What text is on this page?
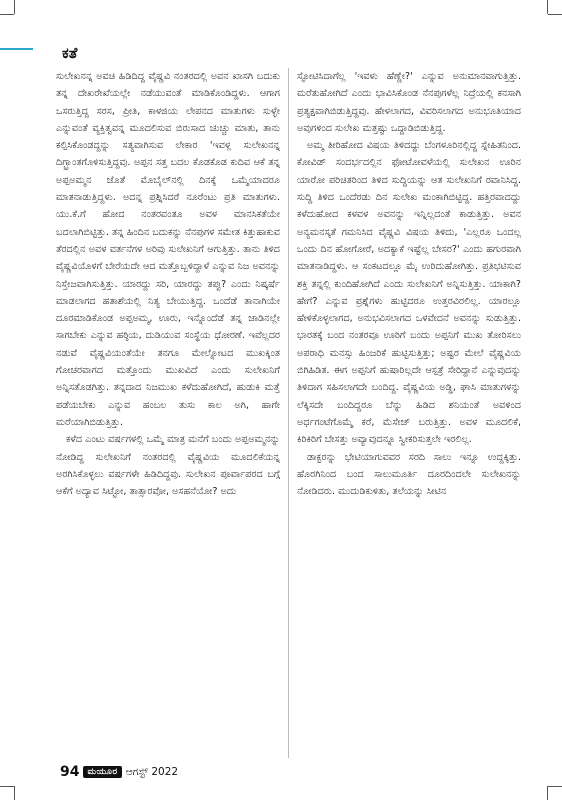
ಕತೆ

ಸುಲೇಖನನ್ನ ಅವಚಿ ಹಿಡಿದಿದ್ದ ವೈಷ್ಣವಿ ನಂತರದಲ್ಲಿ ಅವನ ಖಾಸಗಿ ಬದುಕು ತನ್ನ ದೇಖರೇಖೆಯಲ್ಲೇ ನಡೆಯುವಂತೆ ಮಾಡಿಕೊಂಡಿದ್ದಳು. ಆಗಾಗ ಒಸರುತ್ತಿದ್ದ ಸರಸ, ಪ್ರೀತಿ, ಕಾಳಜಿಯ ಲೇಪನದ ಮಾತುಗಳು ಸುಳ್ಳೇ ಎನ್ನುವಂತೆ ವ್ಯಕ್ತಿತ್ವವನ್ನ ಮೂದಲಿಸುವ ಬಿರುಸಾದ ಚುಚ್ಚು ಮಾತು, ತಾನು ಕಲ್ಪಿಸಿಕೊಂಡದ್ದನ್ನು ಸತ್ಯವಾಗಿಸುವ ಲೇಕಾರ 'ಇವಳ್ಲ ಸುಲೇಖನನ್ನ ದಿಗ್ಭ್ರಾಂತಗೊಳಿಸುತ್ತಿದ್ದವು. ಅಪ್ಪನ ಸತ್ತ ಬದಲ ಕೊಡಕೊಡ ಕುದಿವ ಆಕೆ ತನ್ನ ಅಪ್ಪಅಮ್ಮನ ಜೊತೆ ಮೊಬೈಲ್‌ನಲ್ಲಿ ದಿನಕ್ಕೆ ಒಮ್ಮೆಯಾದರೂ ಮಾತನಾಡುತ್ತಿದ್ದಳು. ಅದನ್ನ ಪ್ರಶ್ನಿಸಿದರೆ ನೂರೆಂಟು ಪ್ರತಿ ಮಾತುಗಳು. ಯು.ಕೆ.ಗೆ ಹೋದ ನಂತರವಂತೂ ಅವಳ ಮಾನಸಿಕತೆಯೇ ಬದಲಾಗಿಬಿಟ್ಟಿತ್ತು. ತನ್ನ ಹಿಂದಿನ ಬದುಕನ್ನು ನೆನಪುಗಳ ಸಮೇತ ಕಿತ್ತುಹಾಕುವ ತೆರದಲ್ಲಿನ ಅವಳ ವರ್ತನೆಗಳ ಅರಿವು ಸುಲೇಖನಿಗೆ ಆಗುತ್ತಿತ್ತು. ತಾನು ತಿಳಿದ ವೈಷ್ಣವಿಯೊಳಗೆ ಬೇರೆಯದೇ ಆದ ಮತ್ತೊಬ್ಬಳಿದ್ದಾಳೆ ಎನ್ನುವ ನಿಜ ಅವನನ್ನು ನಿಸ್ತೇಜವಾಗಿಸುತ್ತಿತ್ತು. ಯಾರದ್ದು ಸರಿ, ಯಾರದ್ದು ತಪ್ಪು? ಎಂದು ನಿಷ್ಕರ್ಷೆ ಮಾಡಲಾಗದ ಹತಾಶೆಯಲ್ಲಿ ನಿತ್ಯ ಬೇಯುತ್ತಿದ್ದ. ಒಂದೆಡೆ ತಾನಾಗಿಯೇ ದೂರಮಾಡಿಕೊಂಡ ಅಪ್ಪಅಮ್ಮ, ಊರು, ಇನ್ನೊಂದೆಡೆ ತನ್ನ ಜಾಡಿನಲ್ಲೇ ಸಾಗಬೇಕು ಎನ್ನುವ ಹಠ್ಠಿಯ, ದುಡಿಯುವ ಸಂಸ್ಥೆಯ ಧೋರಣೆ. ಇವೆಲ್ಲದರ ನಡುವೆ ವೈಷ್ಣವಿಯಂತೆಯೇ ತನಗೂ ಮೇಲ್ನೋಟದ ಮುಖಕ್ಕಿಂತ ಗೋಚರವಾಗದ ಮತ್ತೊಂದು ಮುಖವಿದೆ ಎಂದು ಸುಲೇಖನಿಗೆ ಅನ್ನಿಸತೊಡಗಿತ್ತು. ತನ್ನದಾದ ನಿಜಮುಖ ಕಳೆದುಹೋಗಿದೆ, ಹುಡುಕಿ ಮತ್ತೆ ಪಡೆಯಬೇಕು ಎನ್ನುವ ಹಂಬಲ ತುಸು ಕಾಲ ಅಗಿ, ಹಾಗೇ ಮರೆಯಾಗಿಬಿಡುತ್ತಿತ್ತು.

ಕಳೆದ ಎಂಟು ವರ್ಷಗಳಲ್ಲಿ ಒಮ್ಮೆ ಮಾತ್ರ ಮನೆಗೆ ಬಂದು ಅಪ್ಪಅಮ್ಮನನ್ನು ನೋಡಿದ್ದ ಸುಲೇಖನಿಗೆ ನಂತರದಲ್ಲಿ ವೈಷ್ಣವಿಯ ಮೂದಲಿಕೆಯನ್ನ ಅರಗಿಸಿಕೊಳ್ಳಲು ವರ್ಷಗಳೇ ಹಿಡಿದಿದ್ದವು. ಸುಲೇಖನ ಪೂರ್ವಾಪರದ ಬಗ್ಗೆ ಆಕೆಗೆ ಅದ್ಯಾವ ಸಿಟ್ಟೋ, ತಾತ್ಸಾರವೋ, ಅಸಹನೆಯೋ? ಅದು

ಸ್ಫೋಟಿಸಿದಾಗೆಲ್ಲ 'ಇವಳು ಹೆಣ್ಣೇ?' ಎನ್ನುವ ಅನುಮಾನವಾಗುತ್ತಿತ್ತು. ಮರೆತುಹೋಗಿದೆ ಎಂದು ಭಾವಿಸಿಕೊಂಡ ನೆನಪುಗಳೆಲ್ಲ ನಿದ್ರೆಯಲ್ಲಿ ಕನಸಾಗಿ ಪ್ರತ್ಯಕ್ಷವಾಗಿಬಿಡುತ್ತಿದ್ದವು. ಹೇಳಲಾಗದ, ವಿವರಿಸಲಾಗದ ಅನುಭೂತಿಯಾದ ಅವುಗಳಿಂದ ಸುಲೇಖ ಮತ್ತಷ್ಟು ಒದ್ದಾಡಿಬಿಡುತ್ತಿದ್ದ.

ಅಮ್ಮ ತೀರಿಹೋದ ವಿಷಯ ತಿಳಿದದ್ದು ಬೆಂಗಳೂರಿನಲ್ಲಿದ್ದ ಸ್ನೇಹಿತನಿಂದ. ಕೋವಿಡ್ ಸಂದರ್ಭದಲ್ಲಿನ ಫೋಟೋವಳೆಯಲ್ಲಿ ಸುಲೇಖನ ಊರಿನ ಯಾರೋ ಪರಿಚಿತರಿಂದ ತಿಳಿದ ಸುದ್ದಿಯನ್ನು ಆತ ಸುಲೇಖನಿಗೆ ರವಾನಿಸಿದ್ದ. ಸುದ್ದಿ ತಿಳಿದ ಒಂದೆರಡು ದಿನ ಸುಲೇಖ ಮಂಕಾಗಿಬಿಟ್ಟಿದ್ದ. ಹತ್ತಿರವಾದದ್ದು ಕಳೆದುಹೋದ ಕಳವಳ ಅವನನ್ನು ಇನ್ನಿಲ್ಲದಂತೆ ಕಾಡುತ್ತಿತ್ತು. ಅವನ ಅನ್ಯಮನಸ್ಕತೆ ಗಮನಿಸಿದ ವೈಷ್ಣವಿ ವಿಷಯ ತಿಳಿದು, 'ಎಲ್ಲರೂ ಒಂದಲ್ಲ ಒಂದು ದಿನ ಹೋಗೋರೆ, ಅದಕ್ಯಾಕೆ ಇಷ್ಟೆಲ್ಲ ಬೇಸರ?' ಎಂದು ಹಗುರವಾಗಿ ಮಾತನಾಡಿದ್ದಳು. ಆ ಸಂಕಟದಲ್ಲೂ ಮೈ ಉರಿದುಹೋಗಿತ್ತು. ಪ್ರತಿಭಟಿಸುವ ಶಕ್ತಿ ತನ್ನಲ್ಲಿ ಕುಂದಿಹೋಗಿದೆ ಎಂದು ಸುಲೇಖನಿಗೆ ಅನ್ನಿಸುತ್ತಿತ್ತು. ಯಾಕಾಗಿ? ಹೇಗೆ? ಎನ್ನುವ ಪ್ರಶ್ನೆಗಳು ಹುಟ್ಟಿದರೂ ಉತ್ತರವಿರಲಿಲ್ಲ. ಯಾರಲ್ಲೂ ಹೇಳಿಕೊಳ್ಳಲಾಗದ, ಅನುಭವಿಸಲಾಗದ ಒಳವೇದನೆ ಅವನನ್ನು ಸುಡುತ್ತಿತ್ತು. ಭಾರತಕ್ಕೆ ಬಂದ ನಂತರವೂ ಊರಿಗೆ ಬಂದು ಅಪ್ಪನಿಗೆ ಮುಖ ತೋರಿಸಲು ಅಪರಾಧಿ ಮನಸ್ಸು ಹಿಂಜರಿಕೆ ಹುಟ್ಟಿಸುತ್ತಿತ್ತು; ಅಷ್ಟರ ಮೇಲೆ ವೈಷ್ಣವಿಯ ಬಿಗಿಹಿಡಿತ. ಈಗ ಅಪ್ಪನಿಗೆ ಹುಷಾರಿಲ್ಲದೇ ಆಸ್ಪತ್ರೆ ಸೇರಿದ್ದಾನೆ ಎನ್ನುವುದನ್ನು ತಿಳಿದಾಗ ಸಹಿಸಲಾಗದೇ ಬಂದಿದ್ದ. ವೈಷ್ಣವಿಯ ಅಡ್ಡಿ, ಘಾಸಿ ಮಾತುಗಳನ್ನು ಲೆಕ್ಕಿಸದೇ ಬಂದಿದ್ದರೂ ಬೆನ್ನು ಹಿಡಿದ ಶನಿಯಂತೆ ಅವಳಿಂದ ಅರ್ಧಗಂಟೆಗೊಮ್ಮೆ ಕರೆ, ಮೆಸೇಜ್ ಬರುತ್ತಿತ್ತು. ಅವಳ ಮೂದಲಿಕೆ, ಕಿರಿಕಿರಿಗೆ ಬೇಸತ್ತು ಅವ್ಯಾವುದನ್ನೂ ಸ್ವೀಕರಿಸುತ್ತಲೇ ಇರಲಿಲ್ಲ.

ಡಾಕ್ಟರನ್ನು ಭೇಟಿಯಾಗುವವರ ಸರದಿ ಸಾಲು ಇನ್ನೂ ಉದ್ದಕ್ಕಿತ್ತು. ಹೊರಗಿನಿಂದ ಬಂದ ಸಾಲುಮೂರ್ತಿ ದೂರದಿಂದಲೇ ಸುಲೇಖನನ್ನು ನೋಡಿದರು. ಮುದುಡಿಕುಳಿತು, ತಲೆಯನ್ನು ಸೀಟಿನ

94 ಮಯೂರ ಆಗಸ್ಟ್ 2022
